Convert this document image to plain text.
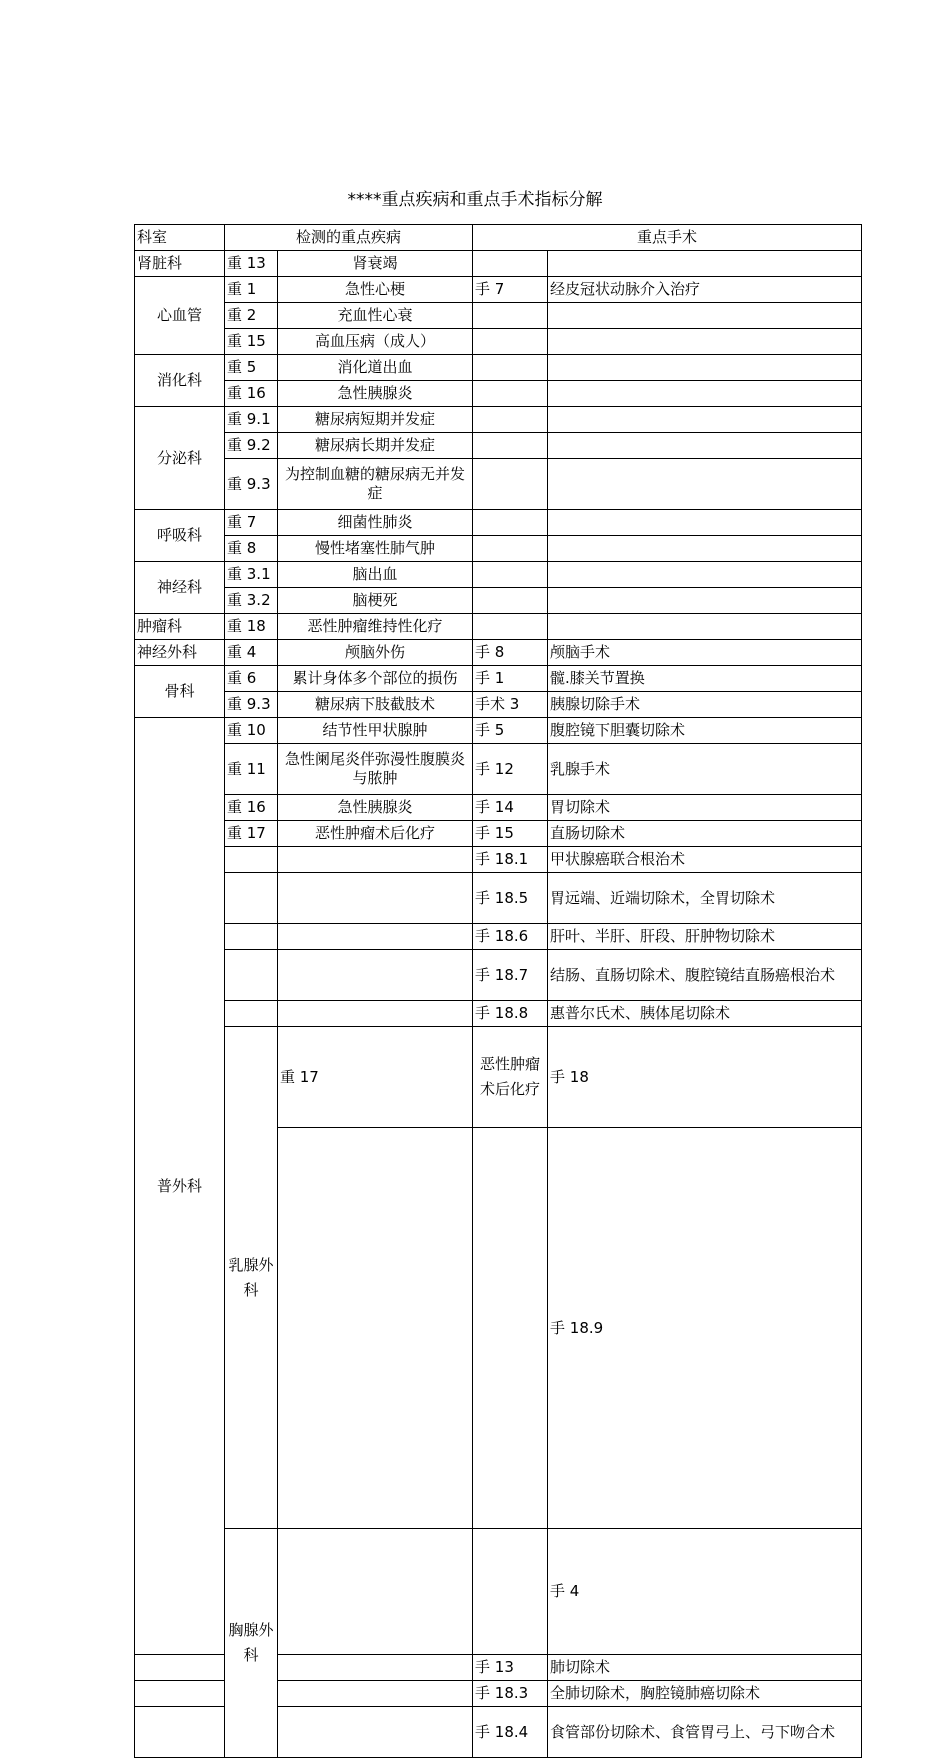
****重点疾病和重点手术指标分解
科室	检测的重点疾病		重点手术		
肾脏科	重 13	肾衰竭			
心血管	重 1	急性心梗	手 7	经皮冠状动脉介入治疗	
	重 2	充血性心衰			
	重 15	高血压病（成人）			
消化科	重 5	消化道出血			
	重 16	急性胰腺炎			
分泌科	重 9.1	糖尿病短期并发症			
	重 9.2	糖尿病长期并发症			
	重 9.3	为控制血糖的糖尿病无并发症			
呼吸科	重 7	细菌性肺炎			
	重 8	慢性堵塞性肺气肿			
神经科	重 3.1	脑出血			
	重 3.2	脑梗死			
肿瘤科	重 18	恶性肿瘤维持性化疗			
神经外科	重 4	颅脑外伤	手 8	颅脑手术	
骨科	重 6	累计身体多个部位的损伤	手 1	髋.膝关节置换	
	重 9.3	糖尿病下肢截肢术	手术 3	胰腺切除手术	
普外科	重 10	结节性甲状腺肿	手 5	腹腔镜下胆囊切除术	
	重 11	急性阑尾炎伴弥漫性腹膜炎与脓肿	手 12	乳腺手术	
	重 16	急性胰腺炎	手 14	胃切除术	
	重 17	恶性肿瘤术后化疗	手 15	直肠切除术	
			手 18.1	甲状腺癌联合根治术	
			手 18.5	胃远端、近端切除术，全胃切除术	
			手 18.6	肝叶、半肝、肝段、肝肿物切除术	
			手 18.7	结肠、直肠切除术、腹腔镜结直肠癌根治术	
			手 18.8	惠普尔氏术、胰体尾切除术	
	乳腺外科	重 17	恶性肿瘤术后化疗	手 18	
				手 18.9	
	胸腺外科			手 4	
			手 13	肺切除术	
			手 18.3	全肺切除术，胸腔镜肺癌切除术	
			手 18.4	食管部份切除术、食管胃弓上、弓下吻合术	
